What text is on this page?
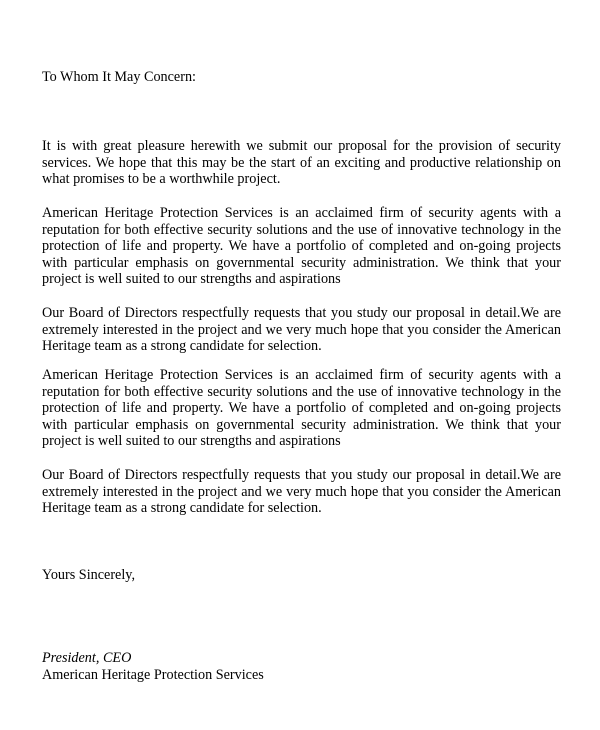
To Whom It May Concern:

It is with great pleasure herewith we submit our proposal for the provision of security services. We hope that this may be the start of an exciting and productive relationship on what promises to be a worthwhile project.

American Heritage Protection Services is an acclaimed firm of security agents with a reputation for both effective security solutions and the use of innovative technology in the protection of life and property. We have a portfolio of completed and on-going projects with particular emphasis on governmental security administration. We think that your project is well suited to our strengths and aspirations

Our Board of Directors respectfully requests that you study our proposal in detail.We are extremely interested in the project and we very much hope that you consider the American Heritage team as a strong candidate for selection.

American Heritage Protection Services is an acclaimed firm of security agents with a reputation for both effective security solutions and the use of innovative technology in the protection of life and property. We have a portfolio of completed and on-going projects with particular emphasis on governmental security administration. We think that your project is well suited to our strengths and aspirations

Our Board of Directors respectfully requests that you study our proposal in detail.We are extremely interested in the project and we very much hope that you consider the American Heritage team as a strong candidate for selection.

Yours Sincerely,

President, CEO

American Heritage Protection Services
